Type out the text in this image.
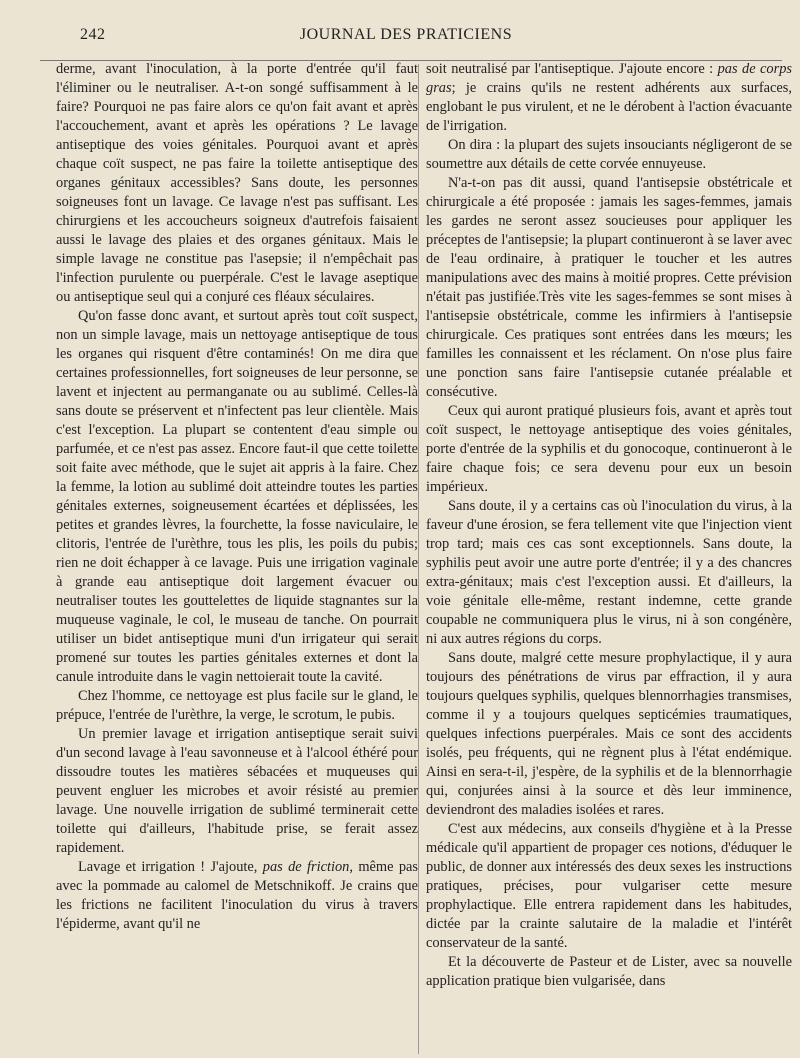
242	JOURNAL DES PRATICIENS

derme, avant l'inoculation, à la porte d'entrée qu'il faut l'éliminer ou le neutraliser. A-t-on songé suffisamment à le faire? Pourquoi ne pas faire alors ce qu'on fait avant et après l'accouchement, avant et après les opérations ? Le lavage antiseptique des voies génitales. Pourquoi avant et après chaque coït suspect, ne pas faire la toilette antiseptique des organes génitaux accessibles? Sans doute, les personnes soigneuses font un lavage. Ce lavage n'est pas suffisant. Les chirurgiens et les accoucheurs soigneux d'autrefois faisaient aussi le lavage des plaies et des organes génitaux. Mais le simple lavage ne constitue pas l'asepsie; il n'empêchait pas l'infection purulente ou puerpérale. C'est le lavage aseptique ou antiseptique seul qui a conjuré ces fléaux séculaires.

Qu'on fasse donc avant, et surtout après tout coït suspect, non un simple lavage, mais un nettoyage antiseptique de tous les organes qui risquent d'être contaminés! On me dira que certaines professionnelles, fort soigneuses de leur personne, se lavent et injectent au permanganate ou au sublimé. Celles-là sans doute se préservent et n'infectent pas leur clientèle. Mais c'est l'exception. La plupart se contentent d'eau simple ou parfumée, et ce n'est pas assez. Encore faut-il que cette toilette soit faite avec méthode, que le sujet ait appris à la faire. Chez la femme, la lotion au sublimé doit atteindre toutes les parties génitales externes, soigneusement écartées et déplissées, les petites et grandes lèvres, la fourchette, la fosse naviculaire, le clitoris, l'entrée de l'urèthre, tous les plis, les poils du pubis; rien ne doit échapper à ce lavage. Puis une irrigation vaginale à grande eau antiseptique doit largement évacuer ou neutraliser toutes les gouttelettes de liquide stagnantes sur la muqueuse vaginale, le col, le museau de tanche. On pourrait utiliser un bidet antiseptique muni d'un irrigateur qui serait promené sur toutes les parties génitales externes et dont la canule introduite dans le vagin nettoierait toute la cavité.

Chez l'homme, ce nettoyage est plus facile sur le gland, le prépuce, l'entrée de l'urèthre, la verge, le scrotum, le pubis.

Un premier lavage et irrigation antiseptique serait suivi d'un second lavage à l'eau savonneuse et à l'alcool éthéré pour dissoudre toutes les matières sébacées et muqueuses qui peuvent engluer les microbes et avoir résisté au premier lavage. Une nouvelle irrigation de sublimé terminerait cette toilette qui d'ailleurs, l'habitude prise, se ferait assez rapidement.

Lavage et irrigation ! J'ajoute, pas de friction, même pas avec la pommade au calomel de Metschnikoff. Je crains que les frictions ne facilitent l'inoculation du virus à travers l'épiderme, avant qu'il ne

soit neutralisé par l'antiseptique. J'ajoute encore : pas de corps gras; je crains qu'ils ne restent adhérents aux surfaces, englobant le pus virulent, et ne le dérobent à l'action évacuante de l'irrigation.

On dira : la plupart des sujets insouciants négligeront de se soumettre aux détails de cette corvée ennuyeuse.

N'a-t-on pas dit aussi, quand l'antisepsie obstétricale et chirurgicale a été proposée : jamais les sages-femmes, jamais les gardes ne seront assez soucieuses pour appliquer les préceptes de l'antisepsie; la plupart continueront à se laver avec de l'eau ordinaire, à pratiquer le toucher et les autres manipulations avec des mains à moitié propres. Cette prévision n'était pas justifiée.Très vite les sages-femmes se sont mises à l'antisepsie obstétricale, comme les infirmiers à l'antisepsie chirurgicale. Ces pratiques sont entrées dans les mœurs; les familles les connaissent et les réclament. On n'ose plus faire une ponction sans faire l'antisepsie cutanée préalable et consécutive.

Ceux qui auront pratiqué plusieurs fois, avant et après tout coït suspect, le nettoyage antiseptique des voies génitales, porte d'entrée de la syphilis et du gonocoque, continueront à le faire chaque fois; ce sera devenu pour eux un besoin impérieux.

Sans doute, il y a certains cas où l'inoculation du virus, à la faveur d'une érosion, se fera tellement vite que l'injection vient trop tard; mais ces cas sont exceptionnels. Sans doute, la syphilis peut avoir une autre porte d'entrée; il y a des chancres extra-génitaux; mais c'est l'exception aussi. Et d'ailleurs, la voie génitale elle-même, restant indemne, cette grande coupable ne communiquera plus le virus, ni à son congénère, ni aux autres régions du corps.

Sans doute, malgré cette mesure prophylactique, il y aura toujours des pénétrations de virus par effraction, il y aura toujours quelques syphilis, quelques blennorrhagies transmises, comme il y a toujours quelques septicémies traumatiques, quelques infections puerpérales. Mais ce sont des accidents isolés, peu fréquents, qui ne règnent plus à l'état endémique. Ainsi en sera-t-il, j'espère, de la syphilis et de la blennorrhagie qui, conjurées ainsi à la source et dès leur imminence, deviendront des maladies isolées et rares.

C'est aux médecins, aux conseils d'hygiène et à la Presse médicale qu'il appartient de propager ces notions, d'éduquer le public, de donner aux intéressés des deux sexes les instructions pratiques, précises, pour vulgariser cette mesure prophylactique. Elle entrera rapidement dans les habitudes, dictée par la crainte salutaire de la maladie et l'intérêt conservateur de la santé.

Et la découverte de Pasteur et de Lister, avec sa nouvelle application pratique bien vulgarisée, dans
